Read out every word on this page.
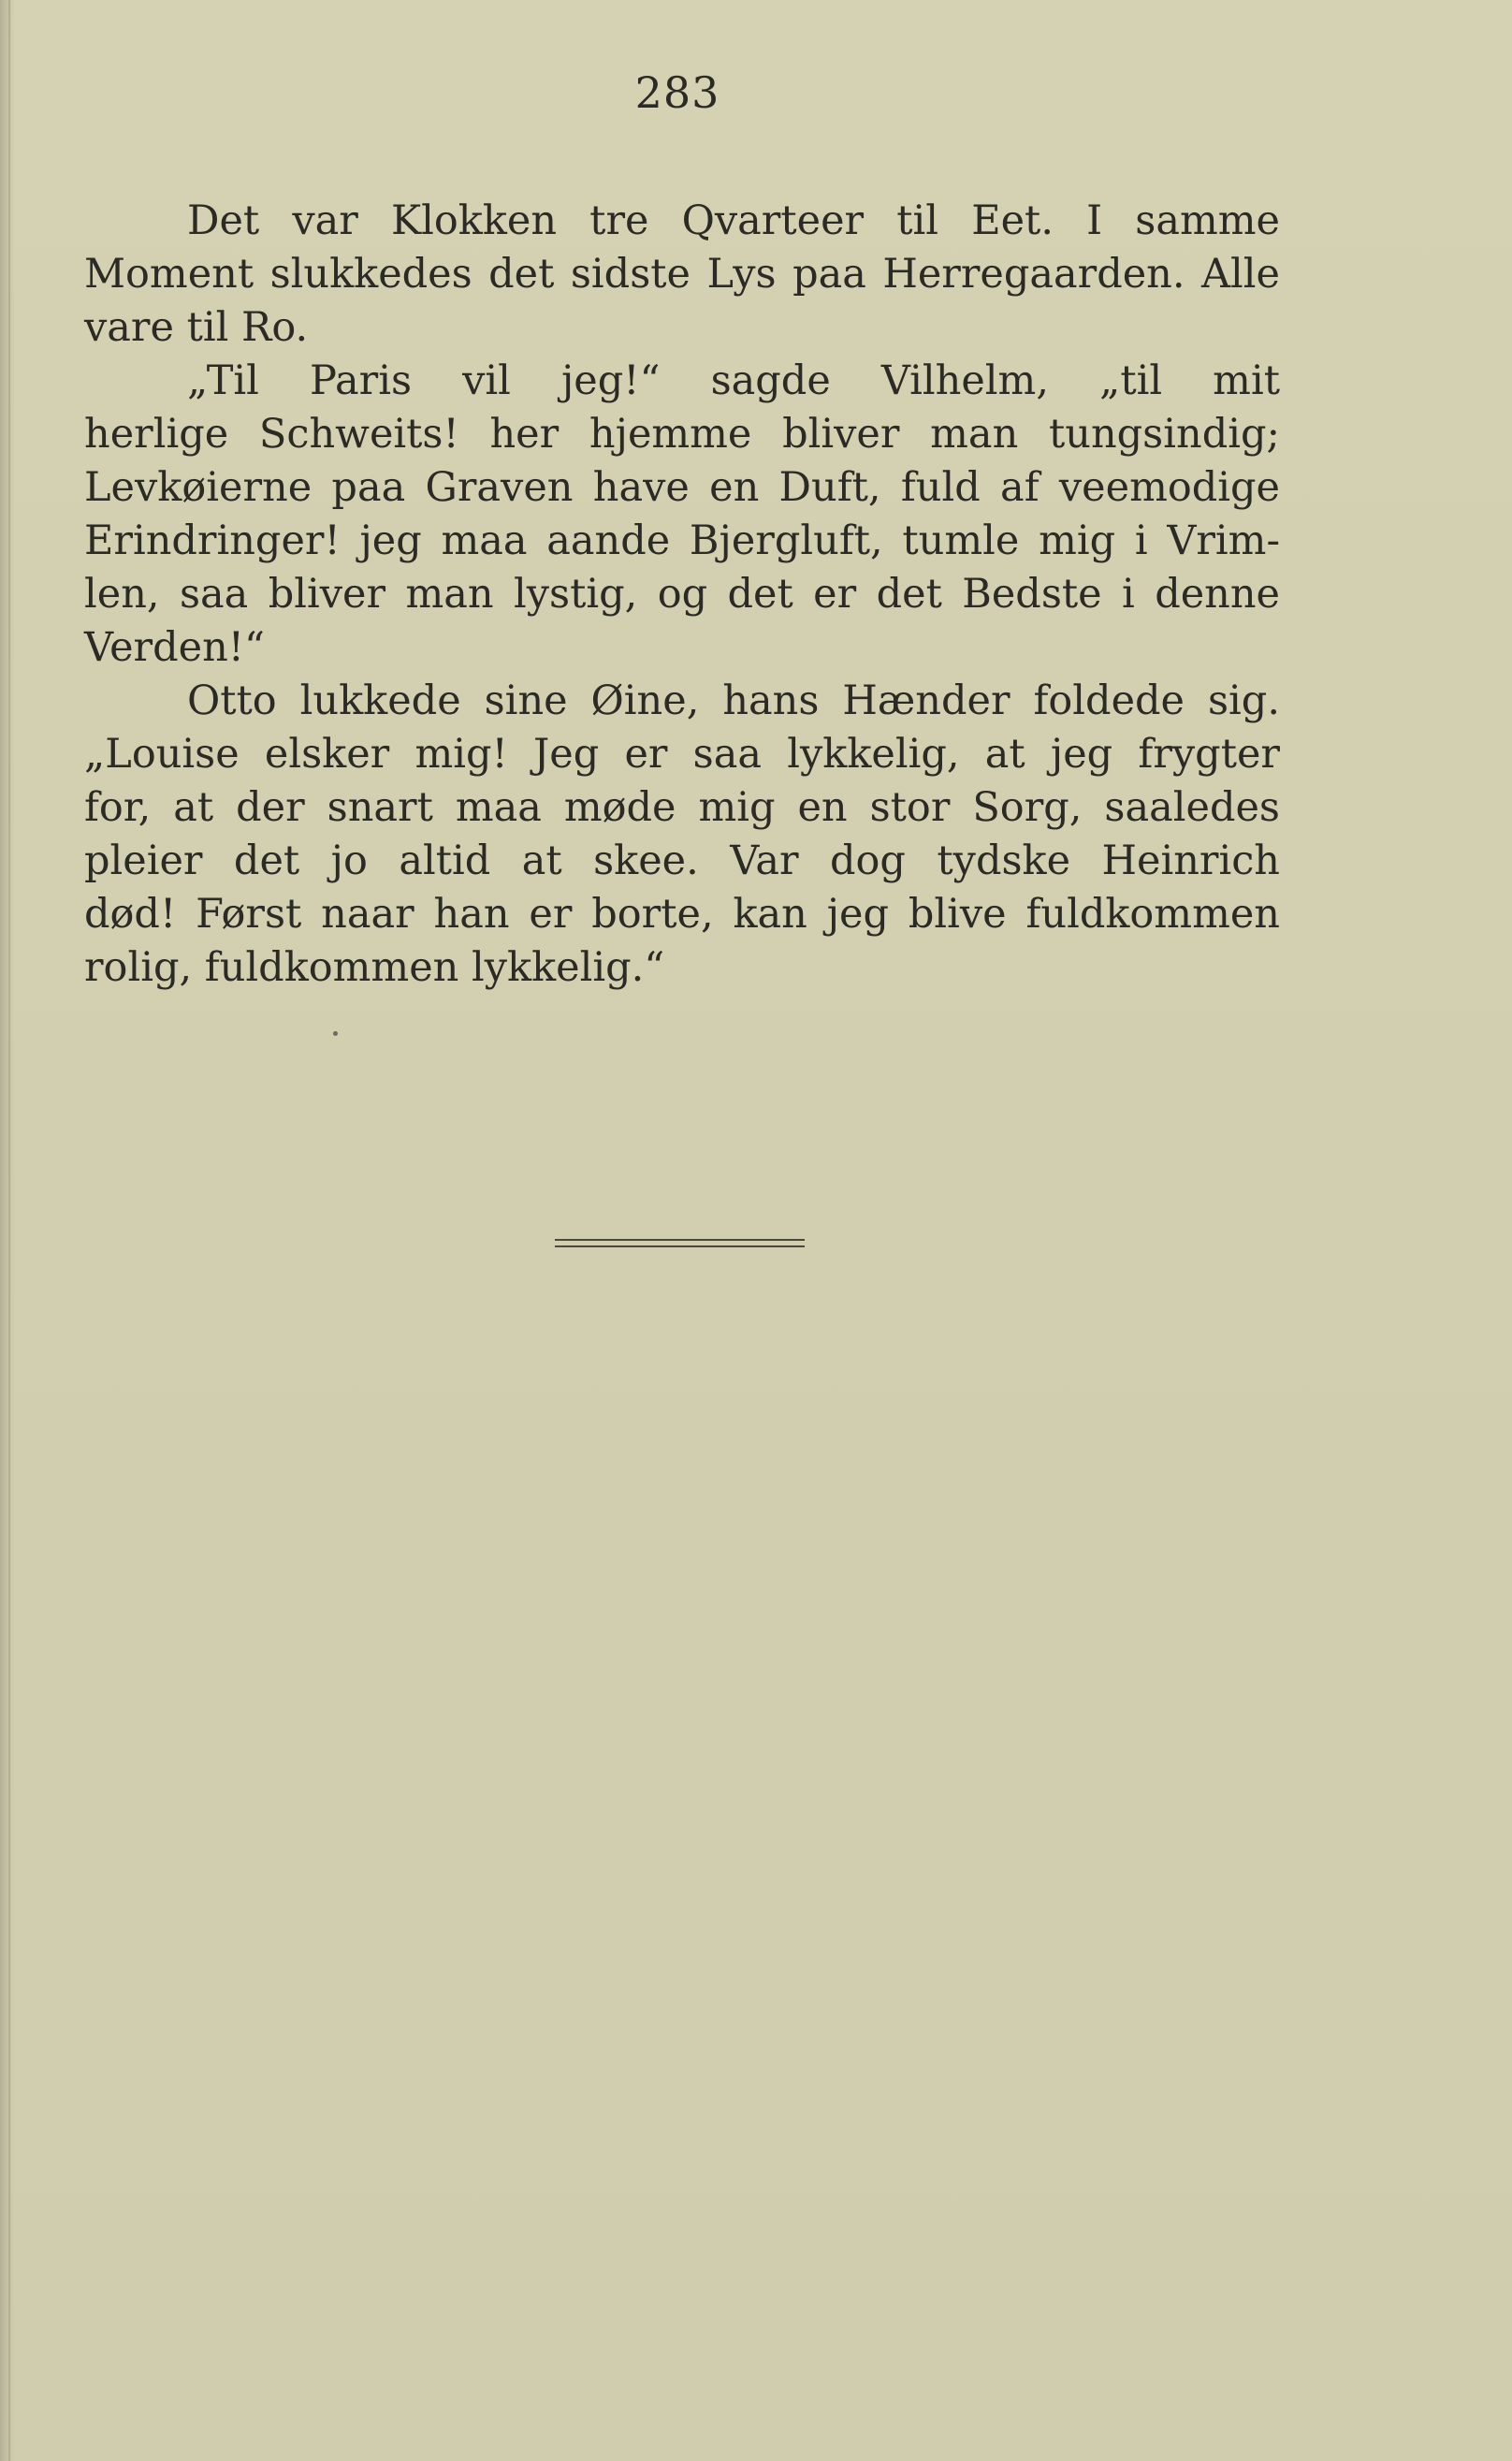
283
Det var Klokken tre Qvarteer til Eet. I samme
Moment slukkedes det sidste Lys paa Herregaarden. Alle
vare til Ro.
„Til Paris vil jeg!“ sagde Vilhelm, „til mit
herlige Schweits! her hjemme bliver man tungsindig;
Levkøierne paa Graven have en Duft, fuld af veemodige
Erindringer! jeg maa aande Bjergluft, tumle mig i Vrim-
len, saa bliver man lystig, og det er det Bedste i denne
Verden!“
Otto lukkede sine Øine, hans Hænder foldede sig.
„Louise elsker mig! Jeg er saa lykkelig, at jeg frygter
for, at der snart maa møde mig en stor Sorg, saaledes
pleier det jo altid at skee. Var dog tydske Heinrich
død! Først naar han er borte, kan jeg blive fuldkommen
rolig, fuldkommen lykkelig.“
